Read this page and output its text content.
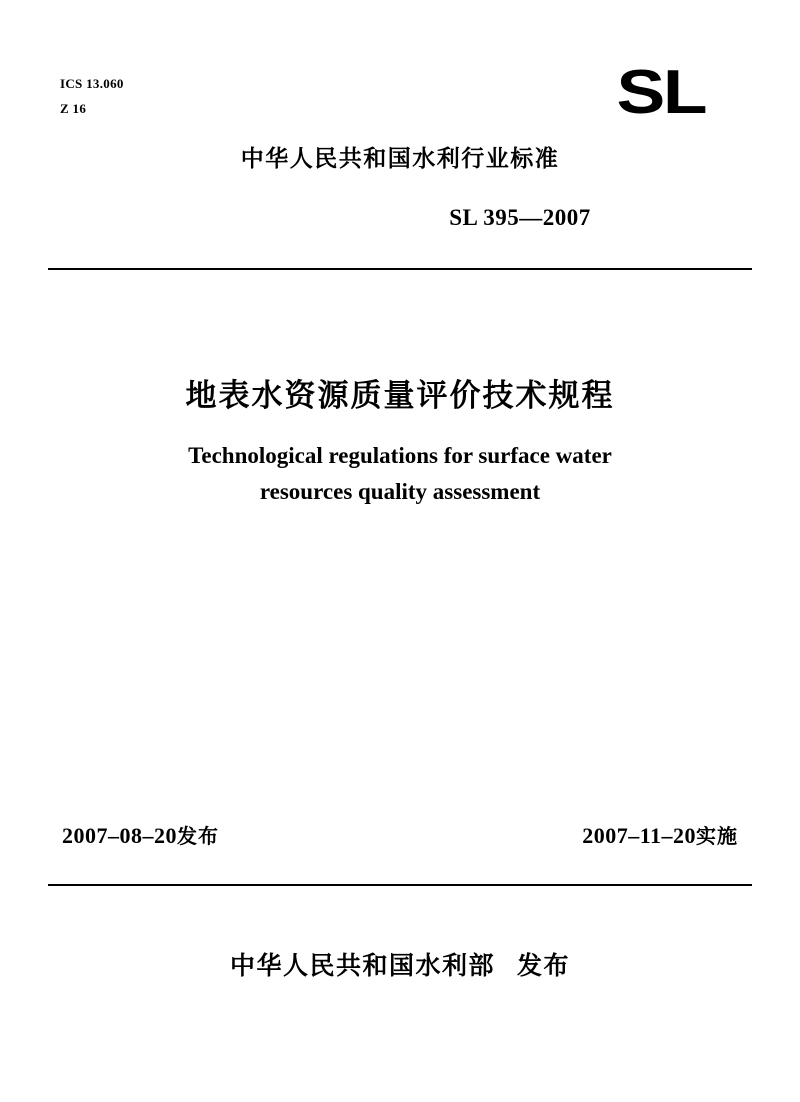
ICS 13.060
Z 16	SL
中华人民共和国水利行业标准
SL 395—2007
地表水资源质量评价技术规程
Technological regulations for surface water
resources quality assessment
2007–08–20发布	2007–11–20实施
中华人民共和国水利部 发布
